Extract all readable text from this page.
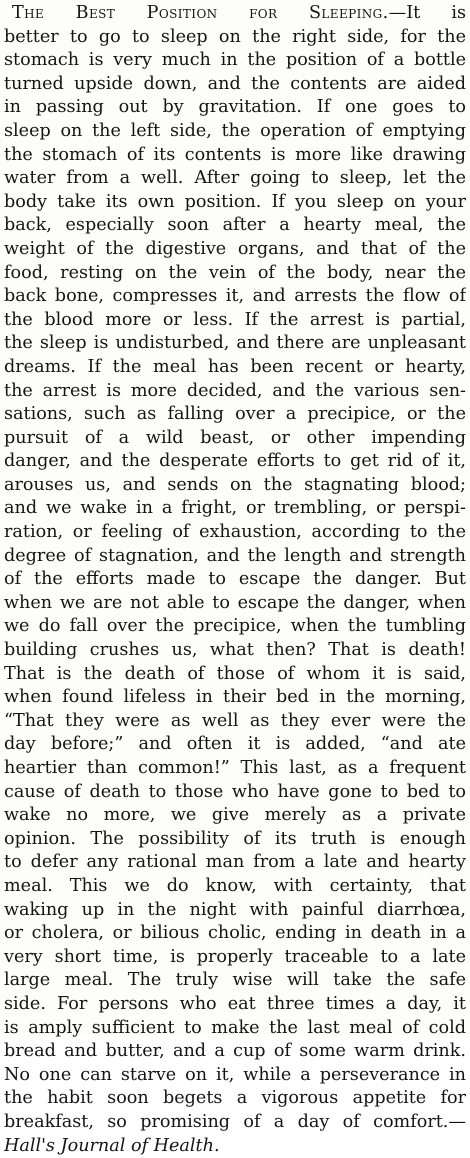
The Best Position for Sleeping.—It is
better to go to sleep on the right side, for the
stomach is very much in the position of a bottle
turned upside down, and the contents are aided
in passing out by gravitation. If one goes to
sleep on the left side, the operation of emptying
the stomach of its contents is more like drawing
water from a well. After going to sleep, let the
body take its own position. If you sleep on your
back, especially soon after a hearty meal, the
weight of the digestive organs, and that of the
food, resting on the vein of the body, near the
back bone, compresses it, and arrests the flow of
the blood more or less. If the arrest is partial,
the sleep is undisturbed, and there are unpleasant
dreams. If the meal has been recent or hearty,
the arrest is more decided, and the various sen-
sations, such as falling over a precipice, or the
pursuit of a wild beast, or other impending
danger, and the desperate efforts to get rid of it,
arouses us, and sends on the stagnating blood;
and we wake in a fright, or trembling, or perspi-
ration, or feeling of exhaustion, according to the
degree of stagnation, and the length and strength
of the efforts made to escape the danger. But
when we are not able to escape the danger, when
we do fall over the precipice, when the tumbling
building crushes us, what then? That is death!
That is the death of those of whom it is said,
when found lifeless in their bed in the morning,
“That they were as well as they ever were the
day before;” and often it is added, “and ate
heartier than common!” This last, as a frequent
cause of death to those who have gone to bed to
wake no more, we give merely as a private
opinion. The possibility of its truth is enough
to defer any rational man from a late and hearty
meal. This we do know, with certainty, that
waking up in the night with painful diarrhœa,
or cholera, or bilious cholic, ending in death in a
very short time, is properly traceable to a late
large meal. The truly wise will take the safe
side. For persons who eat three times a day, it
is amply sufficient to make the last meal of cold
bread and butter, and a cup of some warm drink.
No one can starve on it, while a perseverance in
the habit soon begets a vigorous appetite for
breakfast, so promising of a day of comfort.—
Hall's Journal of Health.
